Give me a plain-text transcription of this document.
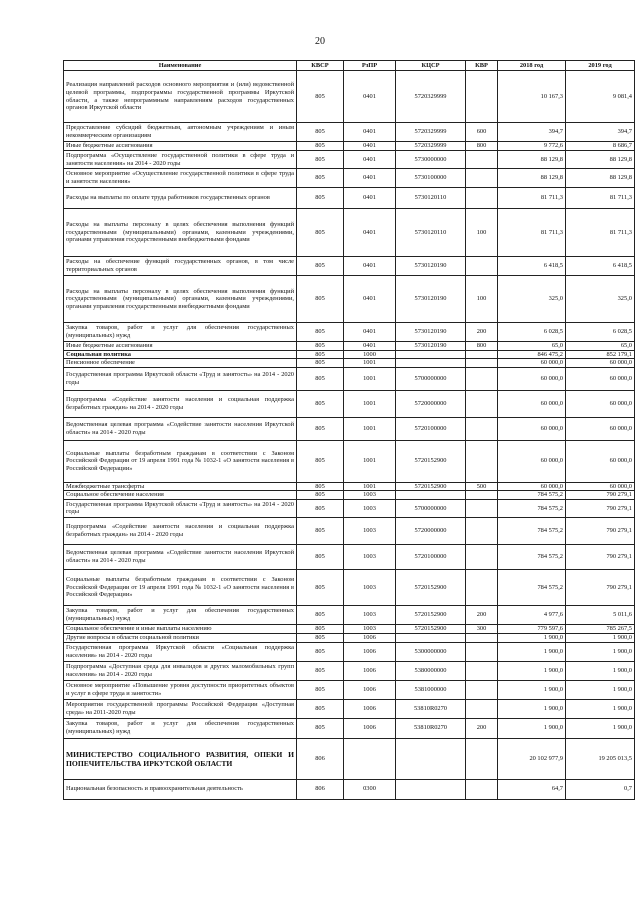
20
Наименование	КВСР	РзПР	КЦСР	КВР	2018 год	2019 год
Реализация направлений расходов основного мероприятия и (или) ведомственной целевой программы, подпрограммы государственной программы Иркутской области, а также непрограммным направлениям расходов государственных органов Иркутской области	805	0401	5720329999		10 167,3	9 081,4
Предоставление субсидий бюджетным, автономным учреждениям и иным некоммерческим организациям	805	0401	5720329999	600	394,7	394,7
Иные бюджетные ассигнования	805	0401	5720329999	800	9 772,6	8 686,7
Подпрограмма «Осуществление государственной политики в сфере труда и занятости населения» на 2014 - 2020 годы	805	0401	5730000000		88 129,8	88 129,8
Основное мероприятие «Осуществление государственной политики в сфере труда и занятости населения»	805	0401	5730100000		88 129,8	88 129,8
Расходы на выплаты по оплате труда работников государственных органов	805	0401	5730120110		81 711,3	81 711,3
Расходы на выплаты персоналу в целях обеспечения выполнения функций государственными (муниципальными) органами, казенными учреждениями, органами управления государственными внебюджетными фондами	805	0401	5730120110	100	81 711,3	81 711,3
Расходы на обеспечение функций государственных органов, в том числе территориальных органов	805	0401	5730120190		6 418,5	6 418,5
Расходы на выплаты персоналу в целях обеспечения выполнения функций государственными (муниципальными) органами, казенными учреждениями, органами управления государственными внебюджетными фондами	805	0401	5730120190	100	325,0	325,0
Закупка товаров, работ и услуг для обеспечения государственных (муниципальных) нужд	805	0401	5730120190	200	6 028,5	6 028,5
Иные бюджетные ассигнования	805	0401	5730120190	800	65,0	65,0
Социальная политика	805	1000			846 475,2	852 179,1
Пенсионное обеспечение	805	1001			60 000,0	60 000,0
Государственная программа Иркутской области «Труд и занятость» на 2014 - 2020 годы	805	1001	5700000000		60 000,0	60 000,0
Подпрограмма «Содействие занятости населения и социальная поддержка безработных граждан» на 2014 - 2020 годы	805	1001	5720000000		60 000,0	60 000,0
Ведомственная целевая программа «Содействие занятости населения Иркутской области» на 2014 - 2020 годы	805	1001	5720100000		60 000,0	60 000,0
Социальные выплаты безработным гражданам в соответствии с Законом Российской Федерации от 19 апреля 1991 года № 1032-1 «О занятости населения в Российской Федерации»	805	1001	5720152900		60 000,0	60 000,0
Межбюджетные трансферты	805	1001	5720152900	500	60 000,0	60 000,0
Социальное обеспечение населения	805	1003			784 575,2	790 279,1
Государственная программа Иркутской области «Труд и занятость» на 2014 - 2020 годы	805	1003	5700000000		784 575,2	790 279,1
Подпрограмма «Содействие занятости населения и социальная поддержка безработных граждан» на 2014 - 2020 годы	805	1003	5720000000		784 575,2	790 279,1
Ведомственная целевая программа «Содействие занятости населения Иркутской области» на 2014 - 2020 годы	805	1003	5720100000		784 575,2	790 279,1
Социальные выплаты безработным гражданам в соответствии с Законом Российской Федерации от 19 апреля 1991 года № 1032-1 «О занятости населения в Российской Федерации»	805	1003	5720152900		784 575,2	790 279,1
Закупка товаров, работ и услуг для обеспечения государственных (муниципальных) нужд	805	1003	5720152900	200	4 977,6	5 011,6
Социальное обеспечение и иные выплаты населению	805	1003	5720152900	300	779 597,6	785 267,5
Другие вопросы в области социальной политики	805	1006			1 900,0	1 900,0
Государственная программа Иркутской области «Социальная поддержка населения» на 2014 - 2020 годы	805	1006	5300000000		1 900,0	1 900,0
Подпрограмма «Доступная среда для инвалидов и других маломобильных групп населения» на 2014 - 2020 годы	805	1006	5380000000		1 900,0	1 900,0
Основное мероприятие «Повышение уровня доступности приоритетных объектов и услуг в сфере труда и занятости»	805	1006	5381000000		1 900,0	1 900,0
Мероприятия государственной программы Российской Федерации «Доступная среда» на 2011-2020 годы	805	1006	53810R0270		1 900,0	1 900,0
Закупка товаров, работ и услуг для обеспечения государственных (муниципальных) нужд	805	1006	53810R0270	200	1 900,0	1 900,0
МИНИСТЕРСТВО СОЦИАЛЬНОГО РАЗВИТИЯ, ОПЕКИ И ПОПЕЧИТЕЛЬСТВА ИРКУТСКОЙ ОБЛАСТИ	806				20 102 977,9	19 205 013,5
Национальная безопасность и правоохранительная деятельность	806	0300			64,7	0,7
